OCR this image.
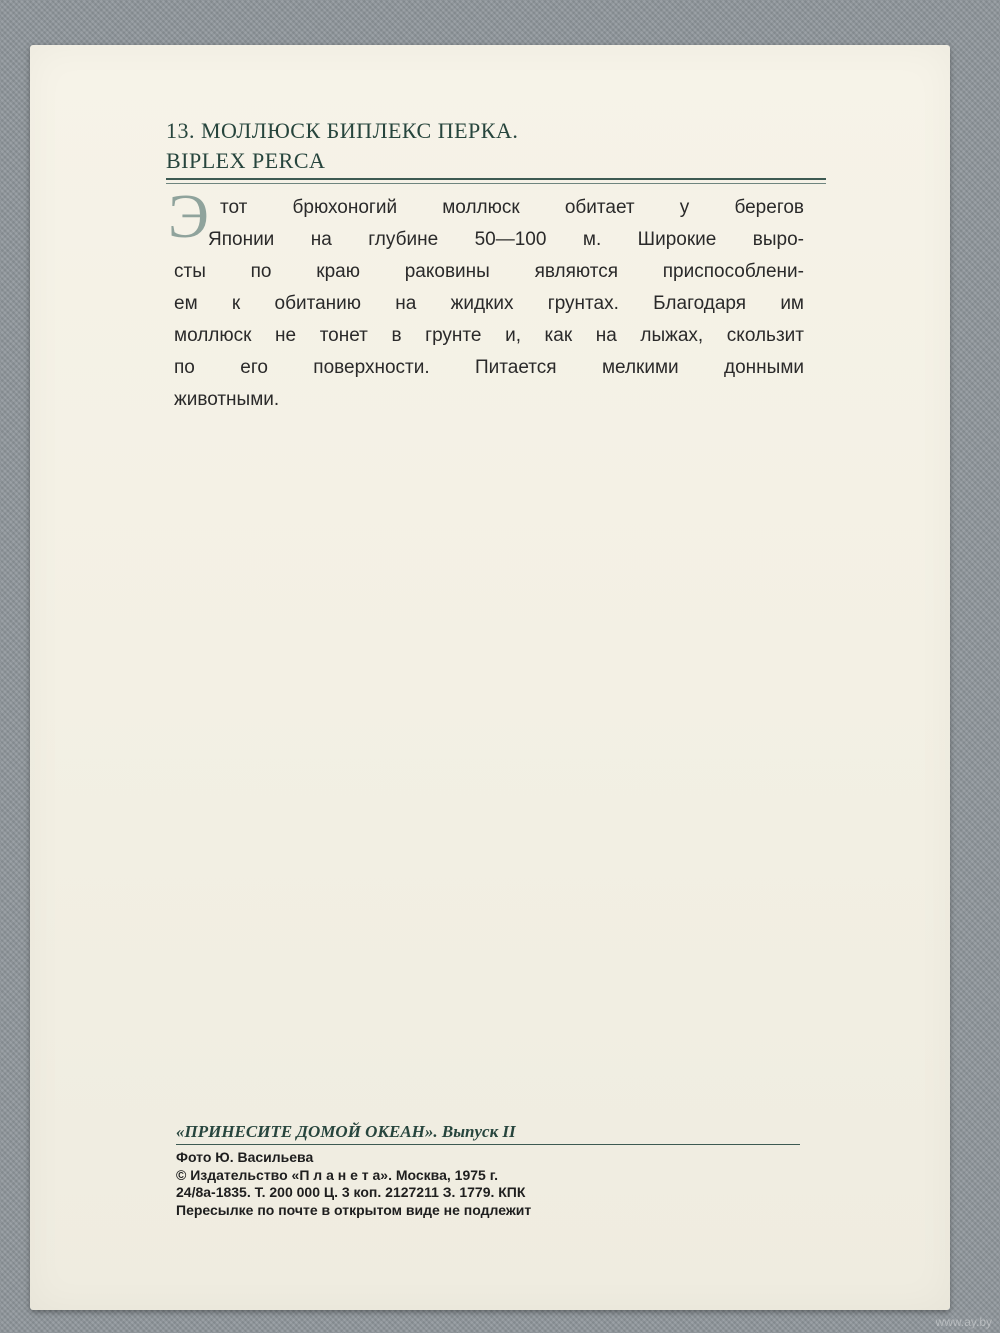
13. МОЛЛЮСК БИПЛЕКС ПЕРКА.
BIPLEX PERCA
Э тот брюхоногий моллюск обитает у берегов
Японии на глубине 50—100 м. Широкие выро-
сты по краю раковины являются приспособлени-
ем к обитанию на жидких грунтах. Благодаря им
моллюск не тонет в грунте и, как на лыжах, скользит
по его поверхности. Питается мелкими донными
животными.
«ПРИНЕСИТЕ ДОМОЙ ОКЕАН». Выпуск II
Фото Ю. Васильева
© Издательство «П л а н е т а». Москва, 1975 г.
24/8а-1835. Т. 200 000 Ц. 3 коп. 2127211 З. 1779. КПК
Пересылке по почте в открытом виде не подлежит
www.ay.by
